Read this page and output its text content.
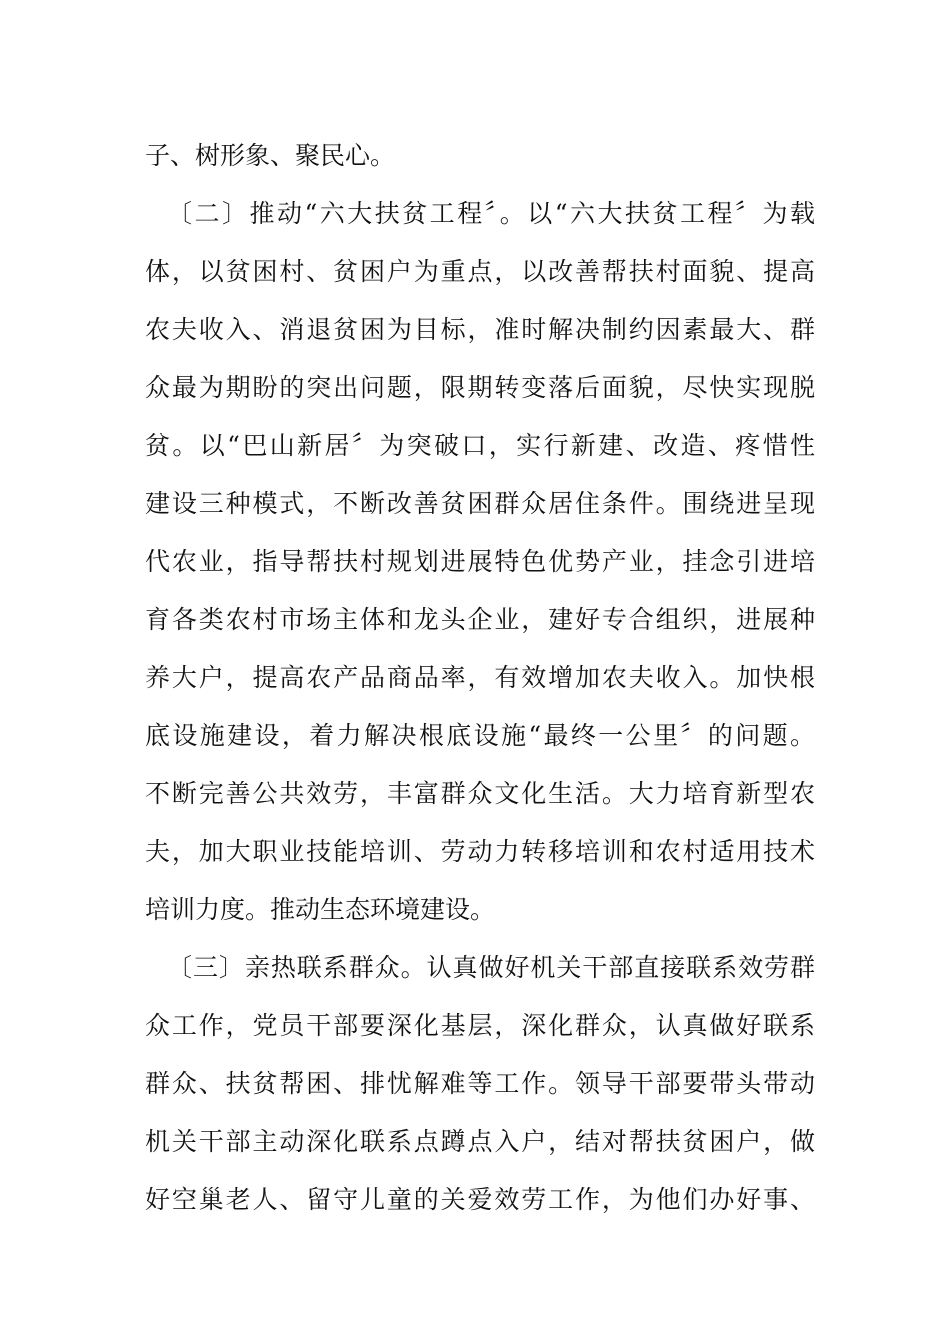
子、树形象、聚民心。
〔二〕推动“六大扶贫工程〞。以“六大扶贫工程〞为载
体，以贫困村、贫困户为重点，以改善帮扶村面貌、提高
农夫收入、消退贫困为目标，准时解决制约因素最大、群
众最为期盼的突出问题，限期转变落后面貌，尽快实现脱
贫。以“巴山新居〞为突破口，实行新建、改造、疼惜性
建设三种模式，不断改善贫困群众居住条件。围绕进呈现
代农业，指导帮扶村规划进展特色优势产业，挂念引进培
育各类农村市场主体和龙头企业，建好专合组织，进展种
养大户，提高农产品商品率，有效增加农夫收入。加快根
底设施建设，着力解决根底设施“最终一公里〞的问题。
不断完善公共效劳，丰富群众文化生活。大力培育新型农
夫，加大职业技能培训、劳动力转移培训和农村适用技术
培训力度。推动生态环境建设。
〔三〕亲热联系群众。认真做好机关干部直接联系效劳群
众工作，党员干部要深化基层，深化群众，认真做好联系
群众、扶贫帮困、排忧解难等工作。领导干部要带头带动
机关干部主动深化联系点蹲点入户，结对帮扶贫困户，做
好空巢老人、留守儿童的关爱效劳工作，为他们办好事、
